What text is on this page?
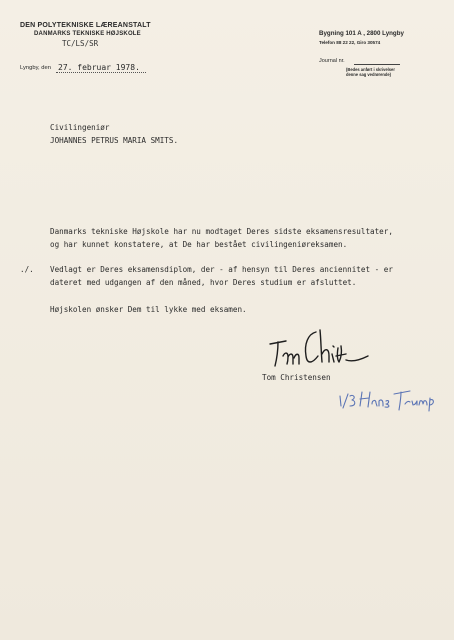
DEN POLYTEKNISKE LÆREANSTALT
DANMARKS TEKNISKE HØJSKOLE
TC/LS/SR
Bygning 101 A , 2800 Lyngby
Telefon 88 22 22, Giro 30574
Journal nr.
(Bedes anført i skrivelser
denne sag vedrørende)
Lyngby, den 27. februar 1978.
Civilingeniør
JOHANNES PETRUS MARIA SMITS.
Danmarks tekniske Højskole har nu modtaget Deres sidste eksamensresultater,
og har kunnet konstatere, at De har bestået civilingeniøreksamen.
./. Vedlagt er Deres eksamensdiplom, der - af hensyn til Deres anciennitet - er
dateret med udgangen af den måned, hvor Deres studium er afsluttet.
Højskolen ønsker Dem til lykke med eksamen.
Tom Christensen
